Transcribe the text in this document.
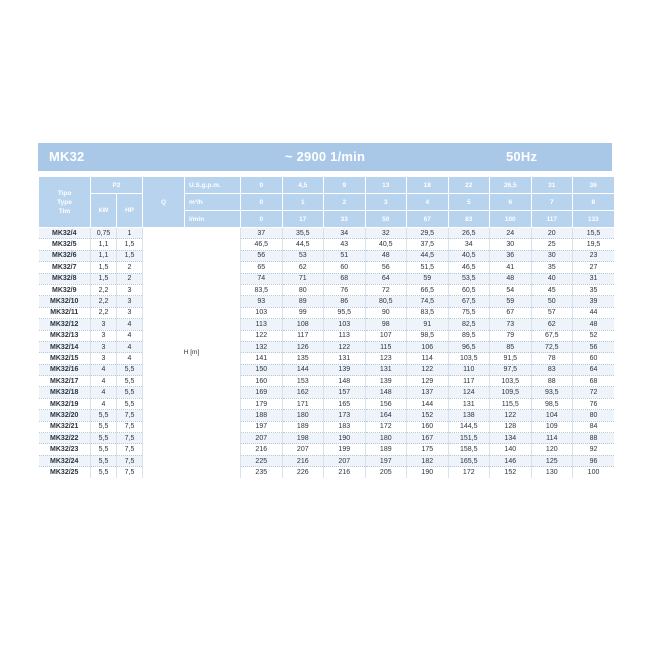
MK32	~ 2900 1/min	50Hz
Tipo
Type
Tim	P2		Q	U.S.g.p.m.	0	4,5	9	13	18	22	26,5	31	36
	kW	HP		m³/h	0	1	2	3	4	5	6	7	8
				l/min	0	17	33	50	67	83	100	117	133
MK32/4	0,75	1	H [m]		37	35,5	34	32	29,5	26,5	24	20	15,5
MK32/5	1,1	1,5			46,5	44,5	43	40,5	37,5	34	30	25	19,5
MK32/6	1,1	1,5			56	53	51	48	44,5	40,5	36	30	23
MK32/7	1,5	2			65	62	60	56	51,5	46,5	41	35	27
MK32/8	1,5	2			74	71	68	64	59	53,5	48	40	31
MK32/9	2,2	3			83,5	80	76	72	66,5	60,5	54	45	35
MK32/10	2,2	3			93	89	86	80,5	74,5	67,5	59	50	39
MK32/11	2,2	3			103	99	95,5	90	83,5	75,5	67	57	44
MK32/12	3	4			113	108	103	98	91	82,5	73	62	48
MK32/13	3	4			122	117	113	107	98,5	89,5	79	67,5	52
MK32/14	3	4			132	126	122	115	106	96,5	85	72,5	56
MK32/15	3	4			141	135	131	123	114	103,5	91,5	78	60
MK32/16	4	5,5			150	144	139	131	122	110	97,5	83	64
MK32/17	4	5,5			160	153	148	139	129	117	103,5	88	68
MK32/18	4	5,5			169	162	157	148	137	124	109,5	93,5	72
MK32/19	4	5,5			179	171	165	156	144	131	115,5	98,5	76
MK32/20	5,5	7,5			188	180	173	164	152	138	122	104	80
MK32/21	5,5	7,5			197	189	183	172	160	144,5	128	109	84
MK32/22	5,5	7,5			207	198	190	180	167	151,5	134	114	88
MK32/23	5,5	7,5			216	207	199	189	175	158,5	140	120	92
MK32/24	5,5	7,5			225	216	207	197	182	165,5	146	125	96
MK32/25	5,5	7,5			235	226	216	205	190	172	152	130	100
